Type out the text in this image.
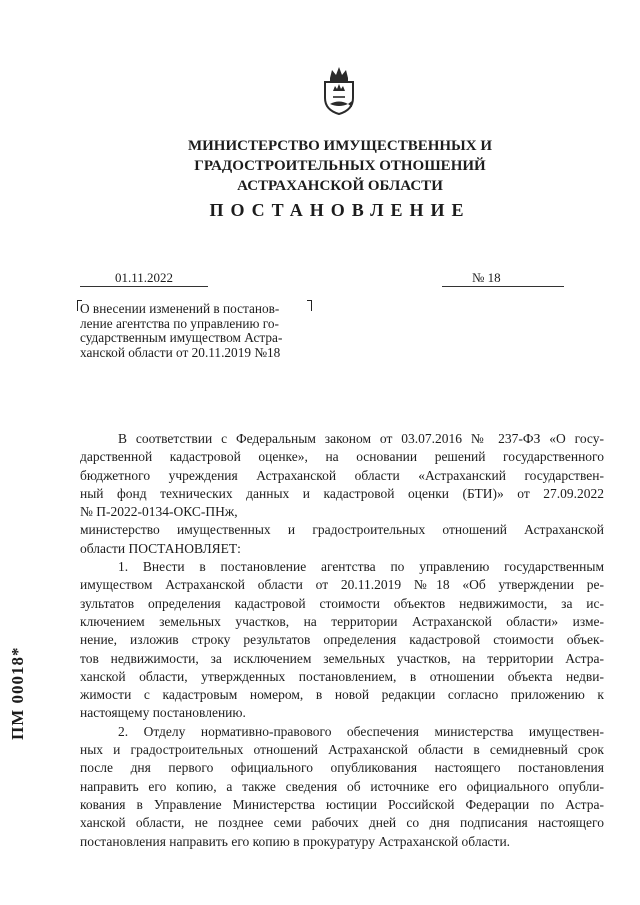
МИНИСТЕРСТВО ИМУЩЕСТВЕННЫХ И
ГРАДОСТРОИТЕЛЬНЫХ ОТНОШЕНИЙ
АСТРАХАНСКОЙ ОБЛАСТИ
ПОСТАНОВЛЕНИЕ
01.11.2022	№ 18
О внесении изменений в постанов-
ление агентства по управлению го-
сударственным имуществом Астра-
ханской области от 20.11.2019 №18
В соответствии с Федеральным законом от 03.07.2016 № 237-ФЗ «О госу-
дарственной кадастровой оценке», на основании решений государственного
бюджетного учреждения Астраханской области «Астраханский государствен-
ный фонд технических данных и кадастровой оценки (БТИ)» от 27.09.2022
№ П-2022-0134-ОКС-ПНж,
министерство имущественных и градостроительных отношений Астраханской
области ПОСТАНОВЛЯЕТ:
1. Внести в постановление агентства по управлению государственным
имуществом Астраханской области от 20.11.2019 №18 «Об утверждении ре-
зультатов определения кадастровой стоимости объектов недвижимости, за ис-
ключением земельных участков, на территории Астраханской области» изме-
нение, изложив строку результатов определения кадастровой стоимости объек-
тов недвижимости, за исключением земельных участков, на территории Астра-
ханской области, утвержденных постановлением, в отношении объекта недви-
жимости с кадастровым номером, в новой редакции согласно приложению к
настоящему постановлению.
2. Отделу нормативно-правового обеспечения министерства имуществен-
ных и градостроительных отношений Астраханской области в семидневный срок
после дня первого официального опубликования настоящего постановления
направить его копию, а также сведения об источнике его официального опубли-
кования в Управление Министерства юстиции Российской Федерации по Астра-
ханской области, не позднее семи рабочих дней со дня подписания настоящего
постановления направить его копию в прокуратуру Астраханской области.
ПМ 00018*
